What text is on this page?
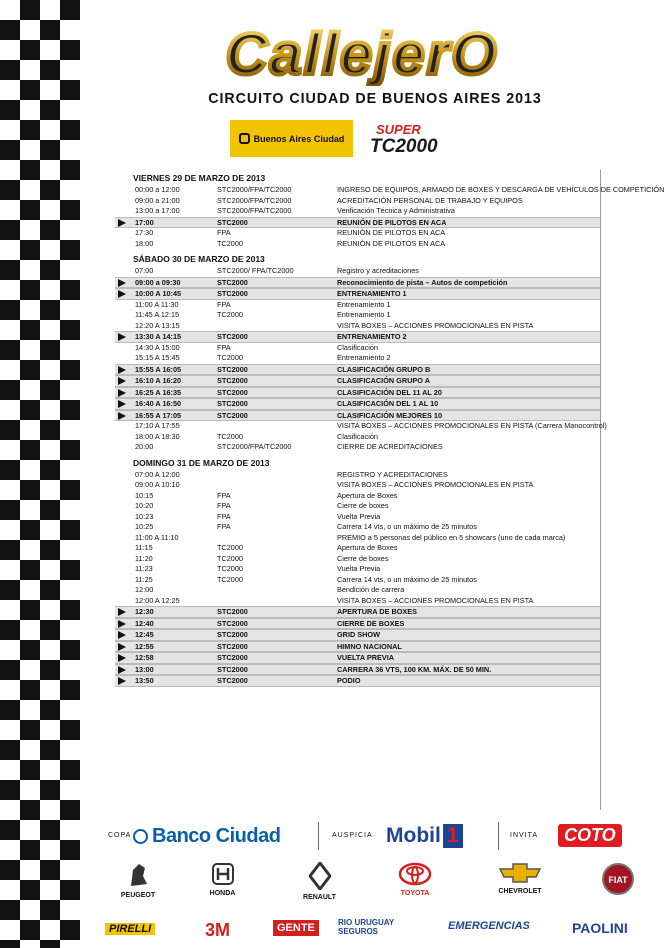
CallejerO
CIRCUITO CIUDAD DE BUENOS AIRES 2013
Buenos Aires Ciudad
SUPER
TC2000
VIERNES 29 DE MARZO DE 2013
00:00 a 12:00	STC2000/FPA/TC2000	INGRESO DE EQUIPOS, ARMADO DE BOXES Y DESCARGA DE VEHÍCULOS DE COMPETICIÓN
09:00 a 21:00	STC2000/FPA/TC2000	ACREDITACIÓN PERSONAL DE TRABAJO Y EQUIPOS
13:00 a 17:00	STC2000/FPA/TC2000	Verificación Técnica y Administrativa
17:00	STC2000	REUNIÓN DE PILOTOS EN ACA
17:30	FPA	REUNIÓN DE PILOTOS EN ACA
18:00	TC2000	REUNIÓN DE PILOTOS EN ACA
SÁBADO 30 DE MARZO DE 2013
07:00	STC2000/ FPA/TC2000	Registro y acreditaciones
09:00 a 09:30	STC2000	Reconocimiento de pista – Autos de competición
10:00 A 10:45	STC2000	ENTRENAMIENTO 1
11:00 A 11:30	FPA	Entrenamiento 1
11:45 A 12:15	TC2000	Entrenamiento 1
12:20 A 13:15	VISITA BOXES – ACCIONES PROMOCIONALES EN PISTA
13:30 A 14:15	STC2000	ENTRENAMIENTO 2
14:30 A 15:00	FPA	Clasificación
15:15 A 15:45	TC2000	Entrenamiento 2
15:55 A 16:05	STC2000	CLASIFICACIÓN GRUPO B
16:10 A 16:20	STC2000	CLASIFICACIÓN GRUPO A
16:25 A 16:35	STC2000	CLASIFICACIÓN DEL 11 AL 20
16:40 A 16:50	STC2000	CLASIFICACIÓN DEL 1 AL 10
16:55 A 17:05	STC2000	CLASIFICACIÓN MEJORES 10
17:10 A 17:55	VISITA BOXES – ACCIONES PROMOCIONALES EN PISTA (Carrera Manocontrol)
18:00 A 18:30	TC2000	Clasificación
20:00	STC2000/FPA/TC2000	CIERRE DE ACREDITACIONES
DOMINGO 31 DE MARZO DE 2013
07:00 A 12:00	REGISTRO Y ACREDITACIONES
09:00 A 10:10	VISITA BOXES – ACCIONES PROMOCIONALES EN PISTA
10:15	FPA	Apertura de Boxes
10:20	FPA	Cierre de boxes
10:23	FPA	Vuelta Previa
10:25	FPA	Carrera 14 vts, o un máximo de 25 minutos
11:00 A 11:10	PREMIO a 5 personas del público en 5 showcars (uno de cada marca)
11:15	TC2000	Apertura de Boxes
11:20	TC2000	Cierre de boxes
11:23	TC2000	Vuelta Previa
11:25	TC2000	Carrera 14 vts, o un máximo de 25 minutos
12:00	Bendición de carrera
12:00 A 12:25	VISITA BOXES – ACCIONES PROMOCIONALES EN PISTA
12:30	STC2000	APERTURA DE BOXES
12:40	STC2000	CIERRE DE BOXES
12:45	STC2000	GRID SHOW
12:55	STC2000	HIMNO NACIONAL
12:58	STC2000	VUELTA PREVIA
13:00	STC2000	CARRERA 36 VTS, 100 KM. MÁX. DE 50 MIN.
13:50	STC2000	PODIO
COPA Banco Ciudad	AUSPICIA Mobil 1	INVITA	COTO
PEUGEOT	HONDA
RENAULT
TOYOTA	CHEVROLET
FIAT
PIRELLI	3M	GENTE	RIO URUGUAY SEGUROS	EMERGENCIAS	PAOLINI
